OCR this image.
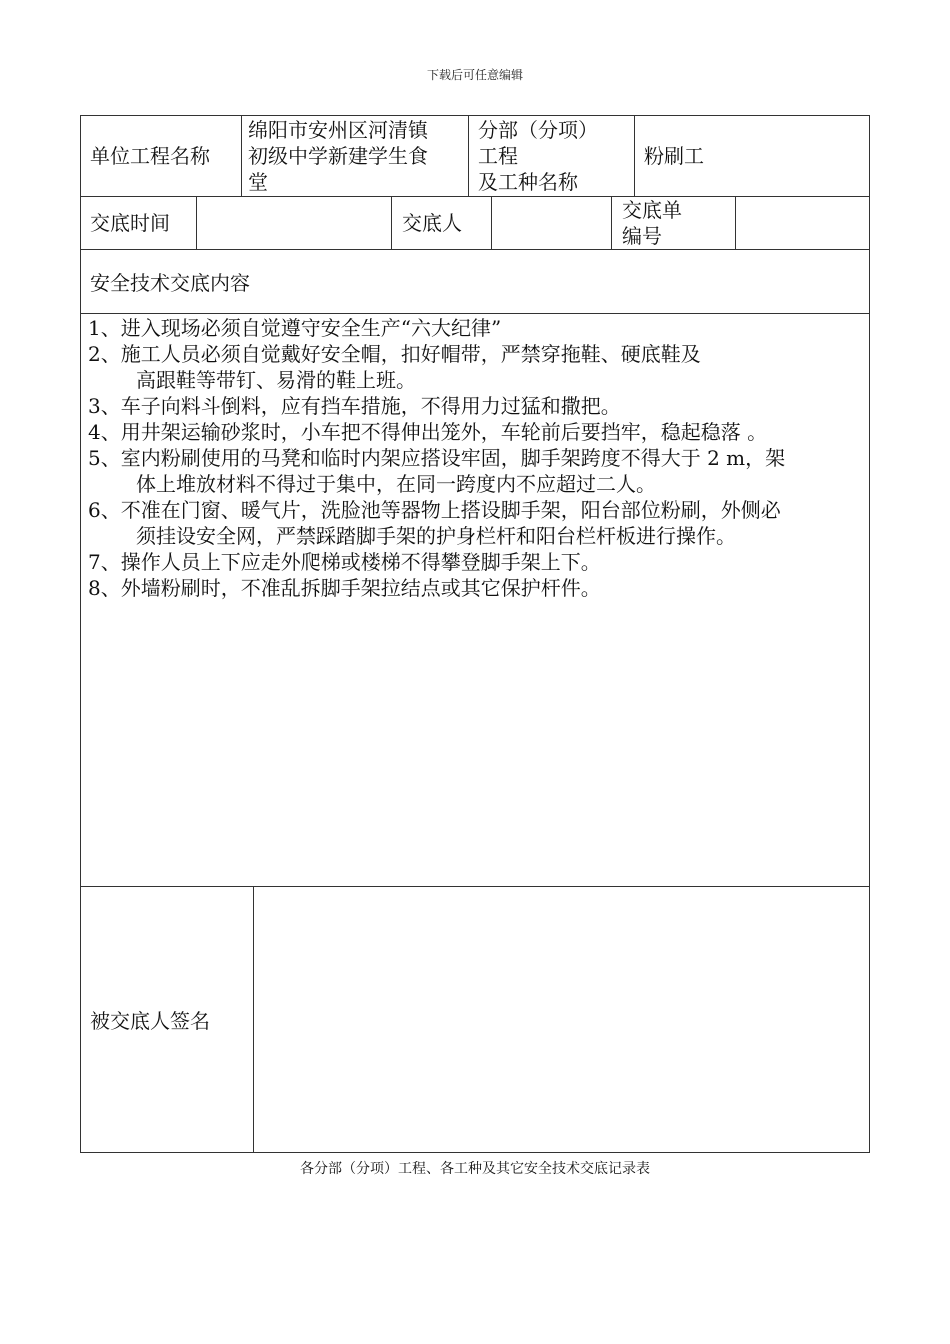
下载后可任意编辑
单位工程名称
绵阳市安州区河清镇
初级中学新建学生食
堂
分部（分项）
工程
及工种名称
粉刷工
交底时间	交底人
交底单
编号
安全技术交底内容
1、进入现场必须自觉遵守安全生产“六大纪律”
2、施工人员必须自觉戴好安全帽，扣好帽带，严禁穿拖鞋、硬底鞋及
高跟鞋等带钉、易滑的鞋上班。
3、车子向料斗倒料，应有挡车措施，不得用力过猛和撒把。
4、用井架运输砂浆时，小车把不得伸出笼外，车轮前后要挡牢，稳起稳落 。
5、室内粉刷使用的马凳和临时内架应搭设牢固，脚手架跨度不得大于 2 m，架
体上堆放材料不得过于集中，在同一跨度内不应超过二人。
6、不准在门窗、暖气片，洗脸池等器物上搭设脚手架，阳台部位粉刷，外侧必
须挂设安全网，严禁踩踏脚手架的护身栏杆和阳台栏杆板进行操作。
7、操作人员上下应走外爬梯或楼梯不得攀登脚手架上下。
8、外墙粉刷时，不准乱拆脚手架拉结点或其它保护杆件。
被交底人签名
各分部（分项）工程、各工种及其它安全技术交底记录表
